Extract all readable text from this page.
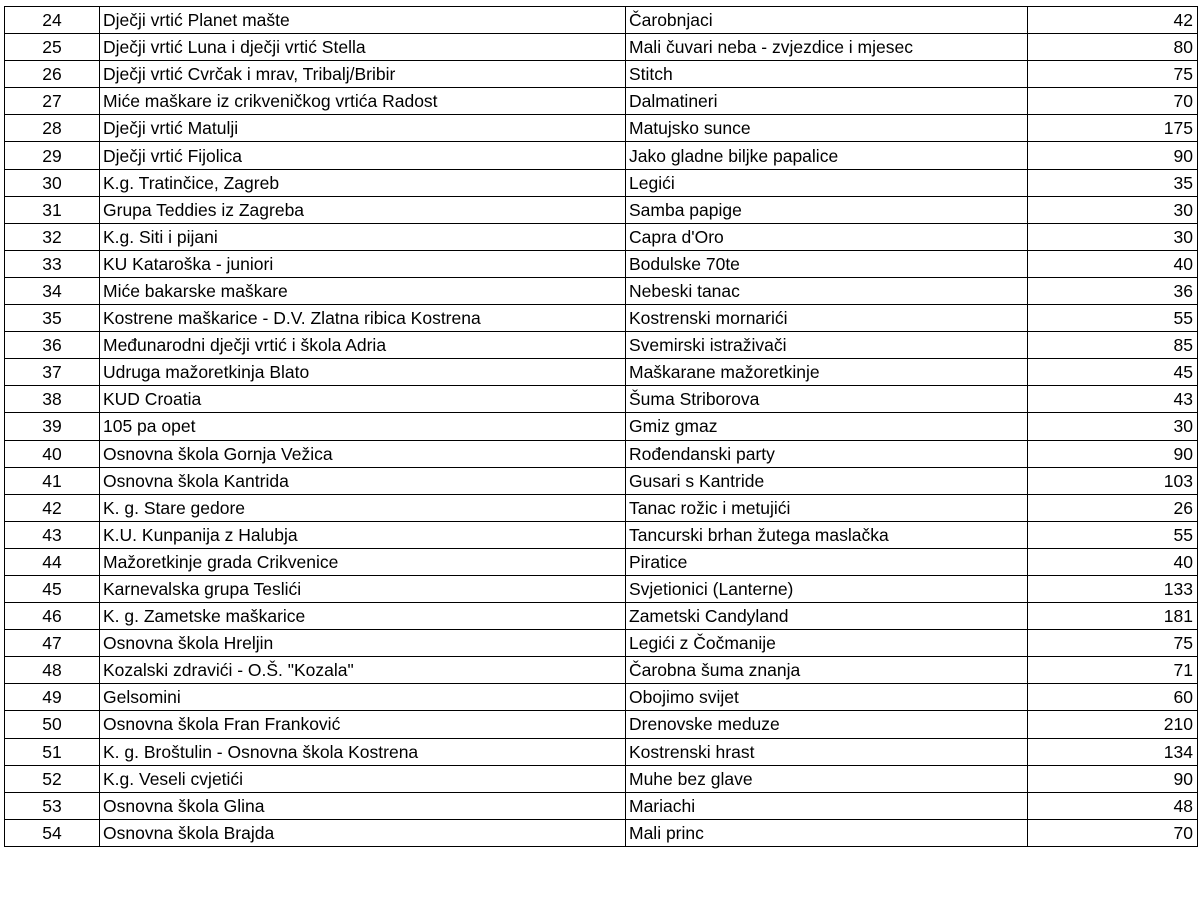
24	Dječji vrtić Planet mašte	Čarobnjaci	42
25	Dječji vrtić Luna i dječji vrtić Stella	Mali čuvari neba - zvjezdice i mjesec	80
26	Dječji vrtić Cvrčak i mrav, Tribalj/Bribir	Stitch	75
27	Miće maškare iz crikveničkog vrtića Radost	Dalmatineri	70
28	Dječji vrtić Matulji	Matujsko sunce	175
29	Dječji vrtić Fijolica	Jako gladne biljke papalice	90
30	K.g. Tratinčice, Zagreb	Legići	35
31	Grupa Teddies iz Zagreba	Samba papige	30
32	K.g. Siti i pijani	Capra d'Oro	30
33	KU Kataroška - juniori	Bodulske 70te	40
34	Miće bakarske maškare	Nebeski tanac	36
35	Kostrene maškarice - D.V. Zlatna ribica Kostrena	Kostrenski mornarići	55
36	Međunarodni dječji vrtić i škola Adria	Svemirski istraživači	85
37	Udruga mažoretkinja Blato	Maškarane mažoretkinje	45
38	KUD Croatia	Šuma Striborova	43
39	105 pa opet	Gmiz gmaz	30
40	Osnovna škola Gornja Vežica	Rođendanski party	90
41	Osnovna škola Kantrida	Gusari s Kantride	103
42	K. g. Stare gedore	Tanac rožic i metujići	26
43	K.U. Kunpanija z Halubja	Tancurski brhan žutega maslačka	55
44	Mažoretkinje grada Crikvenice	Piratice	40
45	Karnevalska grupa Teslići	Svjetionici (Lanterne)	133
46	K. g. Zametske maškarice	Zametski Candyland	181
47	Osnovna škola Hreljin	Legići z Čočmanije	75
48	Kozalski zdravići - O.Š. "Kozala"	Čarobna šuma znanja	71
49	Gelsomini	Obojimo svijet	60
50	Osnovna škola Fran Franković	Drenovske meduze	210
51	K. g. Broštulin - Osnovna škola Kostrena	Kostrenski hrast	134
52	K.g. Veseli cvjetići	Muhe bez glave	90
53	Osnovna škola Glina	Mariachi	48
54	Osnovna škola Brajda	Mali princ	70
